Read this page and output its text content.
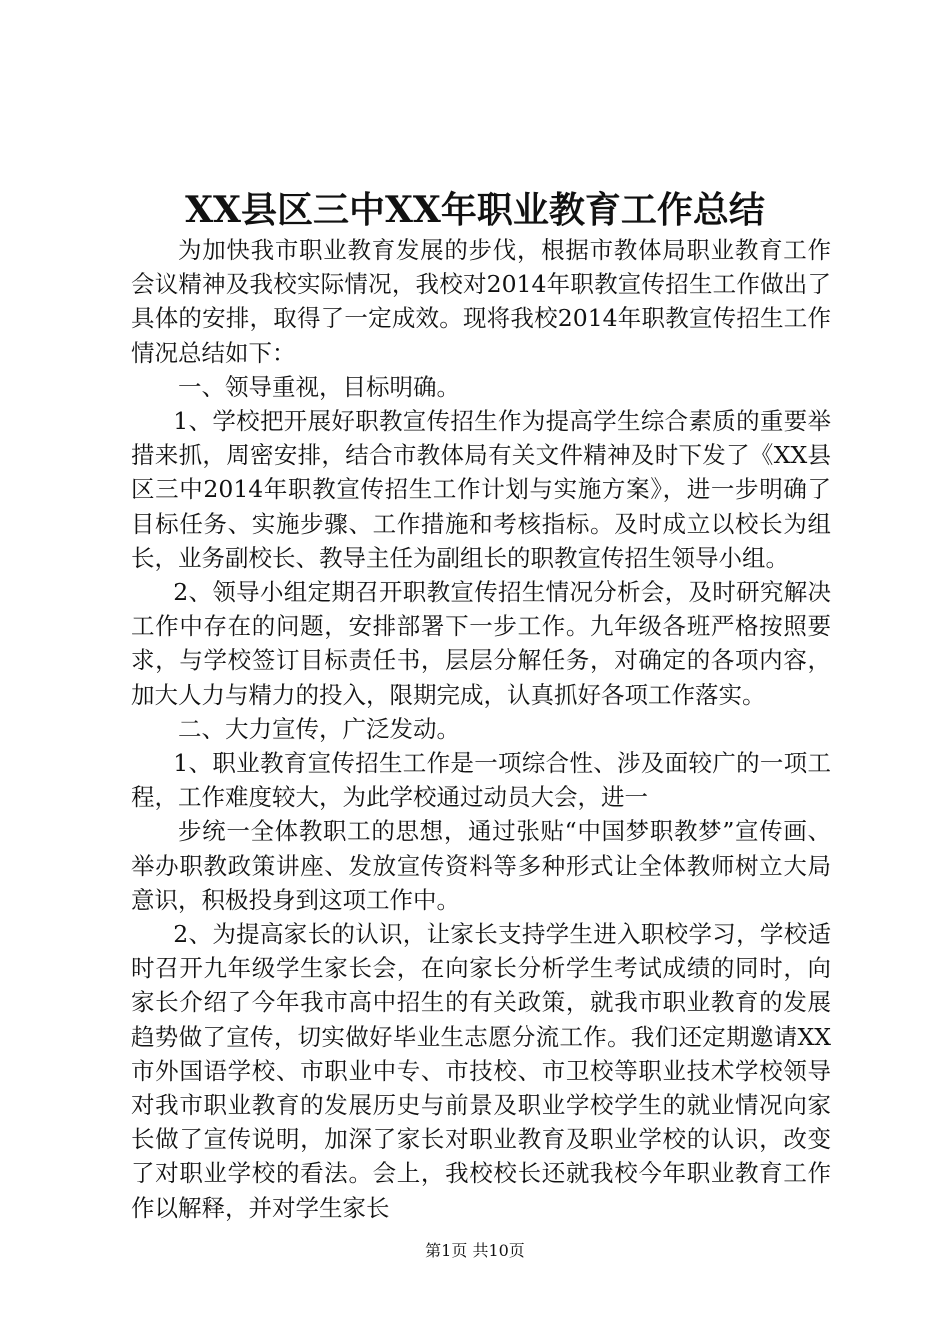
XX县区三中XX年职业教育工作总结

为加快我市职业教育发展的步伐，根据市教体局职业教育工作会议精神及我校实际情况，我校对2014年职教宣传招生工作做出了具体的安排，取得了一定成效。现将我校2014年职教宣传招生工作情况总结如下：

一、领导重视，目标明确。

1、学校把开展好职教宣传招生作为提高学生综合素质的重要举措来抓，周密安排，结合市教体局有关文件精神及时下发了《XX县区三中2014年职教宣传招生工作计划与实施方案》，进一步明确了目标任务、实施步骤、工作措施和考核指标。及时成立以校长为组长，业务副校长、教导主任为副组长的职教宣传招生领导小组。

2、领导小组定期召开职教宣传招生情况分析会，及时研究解决工作中存在的问题，安排部署下一步工作。九年级各班严格按照要求，与学校签订目标责任书，层层分解任务，对确定的各项内容，加大人力与精力的投入，限期完成，认真抓好各项工作落实。

二、大力宣传，广泛发动。

1、职业教育宣传招生工作是一项综合性、涉及面较广的一项工程，工作难度较大，为此学校通过动员大会，进一

步统一全体教职工的思想，通过张贴“中国梦职教梦”宣传画、举办职教政策讲座、发放宣传资料等多种形式让全体教师树立大局意识，积极投身到这项工作中。

2、为提高家长的认识，让家长支持学生进入职校学习，学校适时召开九年级学生家长会，在向家长分析学生考试成绩的同时，向家长介绍了今年我市高中招生的有关政策，就我市职业教育的发展趋势做了宣传，切实做好毕业生志愿分流工作。我们还定期邀请XX市外国语学校、市职业中专、市技校、市卫校等职业技术学校领导对我市职业教育的发展历史与前景及职业学校学生的就业情况向家长做了宣传说明，加深了家长对职业教育及职业学校的认识，改变了对职业学校的看法。会上，我校校长还就我校今年职业教育工作作以解释，并对学生家长

第1页 共10页
